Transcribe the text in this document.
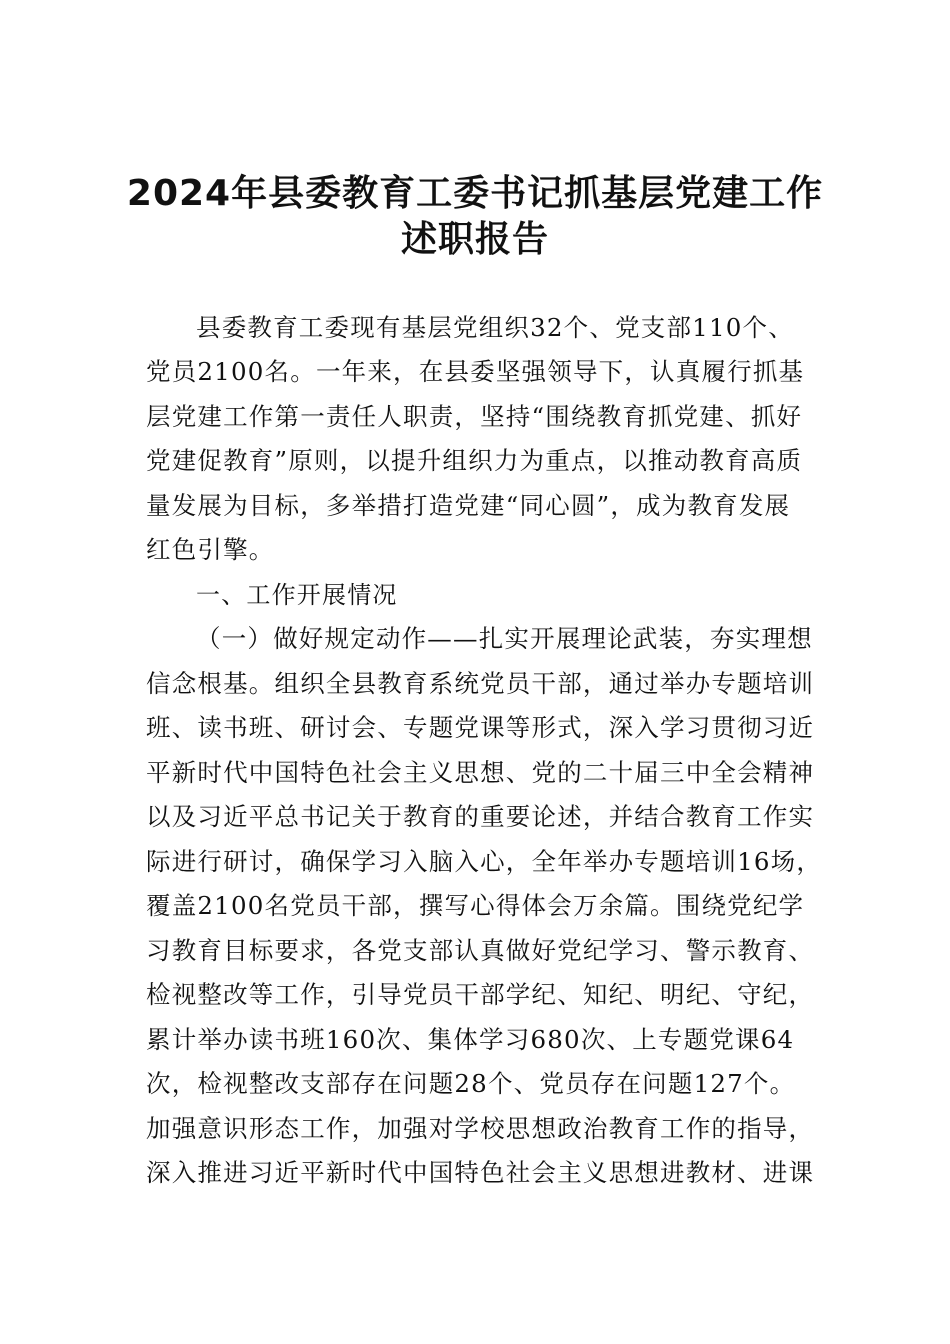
2024年县委教育工委书记抓基层党建工作
述职报告
县委教育工委现有基层党组织32个、党支部110个、
党员2100名。一年来，在县委坚强领导下，认真履行抓基
层党建工作第一责任人职责，坚持“围绕教育抓党建、抓好
党建促教育”原则，以提升组织力为重点，以推动教育高质
量发展为目标，多举措打造党建“同心圆”，成为教育发展
红色引擎。
一、工作开展情况
（一）做好规定动作——扎实开展理论武装，夯实理想
信念根基。组织全县教育系统党员干部，通过举办专题培训
班、读书班、研讨会、专题党课等形式，深入学习贯彻习近
平新时代中国特色社会主义思想、党的二十届三中全会精神
以及习近平总书记关于教育的重要论述，并结合教育工作实
际进行研讨，确保学习入脑入心，全年举办专题培训16场，
覆盖2100名党员干部，撰写心得体会万余篇。围绕党纪学
习教育目标要求，各党支部认真做好党纪学习、警示教育、
检视整改等工作，引导党员干部学纪、知纪、明纪、守纪，
累计举办读书班160次、集体学习680次、上专题党课64
次，检视整改支部存在问题28个、党员存在问题127个。
加强意识形态工作，加强对学校思想政治教育工作的指导，
深入推进习近平新时代中国特色社会主义思想进教材、进课
